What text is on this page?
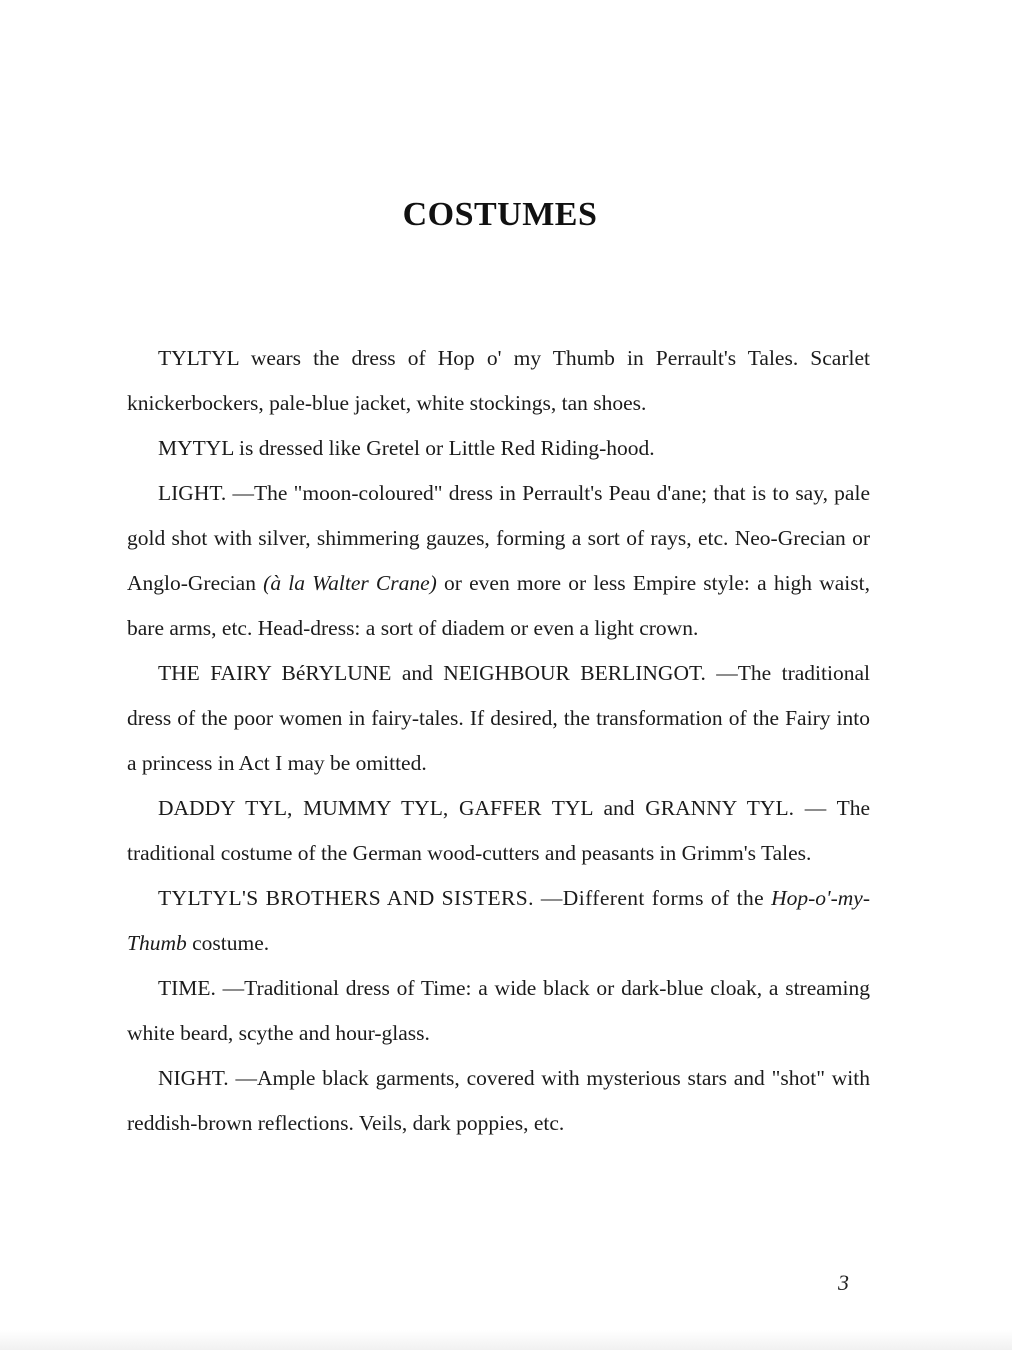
COSTUMES

TYLTYL wears the dress of Hop o' my Thumb in Perrault's Tales. Scarlet knickerbockers, pale-blue jacket, white stockings, tan shoes.

MYTYL is dressed like Gretel or Little Red Riding-hood.

LIGHT. —The "moon-coloured" dress in Perrault's Peau d'ane; that is to say, pale gold shot with silver, shimmering gauzes, forming a sort of rays, etc. Neo-Grecian or Anglo-Grecian (à la Walter Crane) or even more or less Empire style: a high waist, bare arms, etc. Head-dress: a sort of diadem or even a light crown.

THE FAIRY BéRYLUNE and NEIGHBOUR BERLINGOT. —The traditional dress of the poor women in fairy-tales. If desired, the transformation of the Fairy into a princess in Act I may be omitted.

DADDY TYL, MUMMY TYL, GAFFER TYL and GRANNY TYL. — The traditional costume of the German wood-cutters and peasants in Grimm's Tales.

TYLTYL'S BROTHERS AND SISTERS. —Different forms of the Hop-o'-my-Thumb costume.

TIME. —Traditional dress of Time: a wide black or dark-blue cloak, a streaming white beard, scythe and hour-glass.

NIGHT. —Ample black garments, covered with mysterious stars and "shot" with reddish-brown reflections. Veils, dark poppies, etc.

3
